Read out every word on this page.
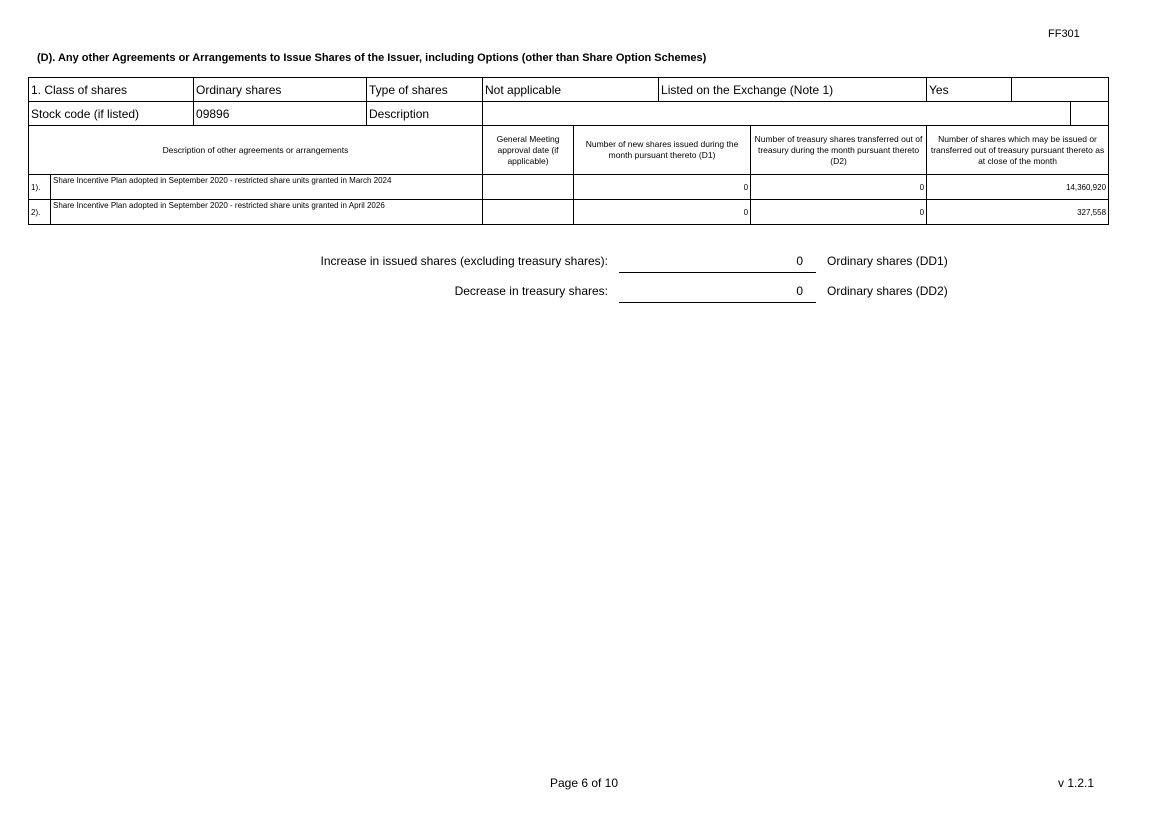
FF301
(D). Any other Agreements or Arrangements to Issue Shares of the Issuer, including Options (other than Share Option Schemes)
1. Class of shares		Ordinary shares	Type of shares	Not applicable		Listed on the Exchange (Note 1)		Yes		
Stock code (if listed)		09896	Description							
Description of other agreements or arrangements				General Meeting approval date (if applicable)	Number of new shares issued during the month pursuant thereto (D1)		Number of treasury shares transferred out of treasury during the month pursuant thereto (D2)	Number of shares which may be issued or transferred out of treasury pursuant thereto as at close of the month		
1).	Share Incentive Plan adopted in September 2020 - restricted share units granted in March 2024				0		0	14,360,920		
2).	Share Incentive Plan adopted in September 2020 - restricted share units granted in April 2026				0		0	327,558		
Increase in issued shares (excluding treasury shares):	0	Ordinary shares (DD1)
Decrease in treasury shares:	0	Ordinary shares (DD2)
Page 6 of 10	v 1.2.1
